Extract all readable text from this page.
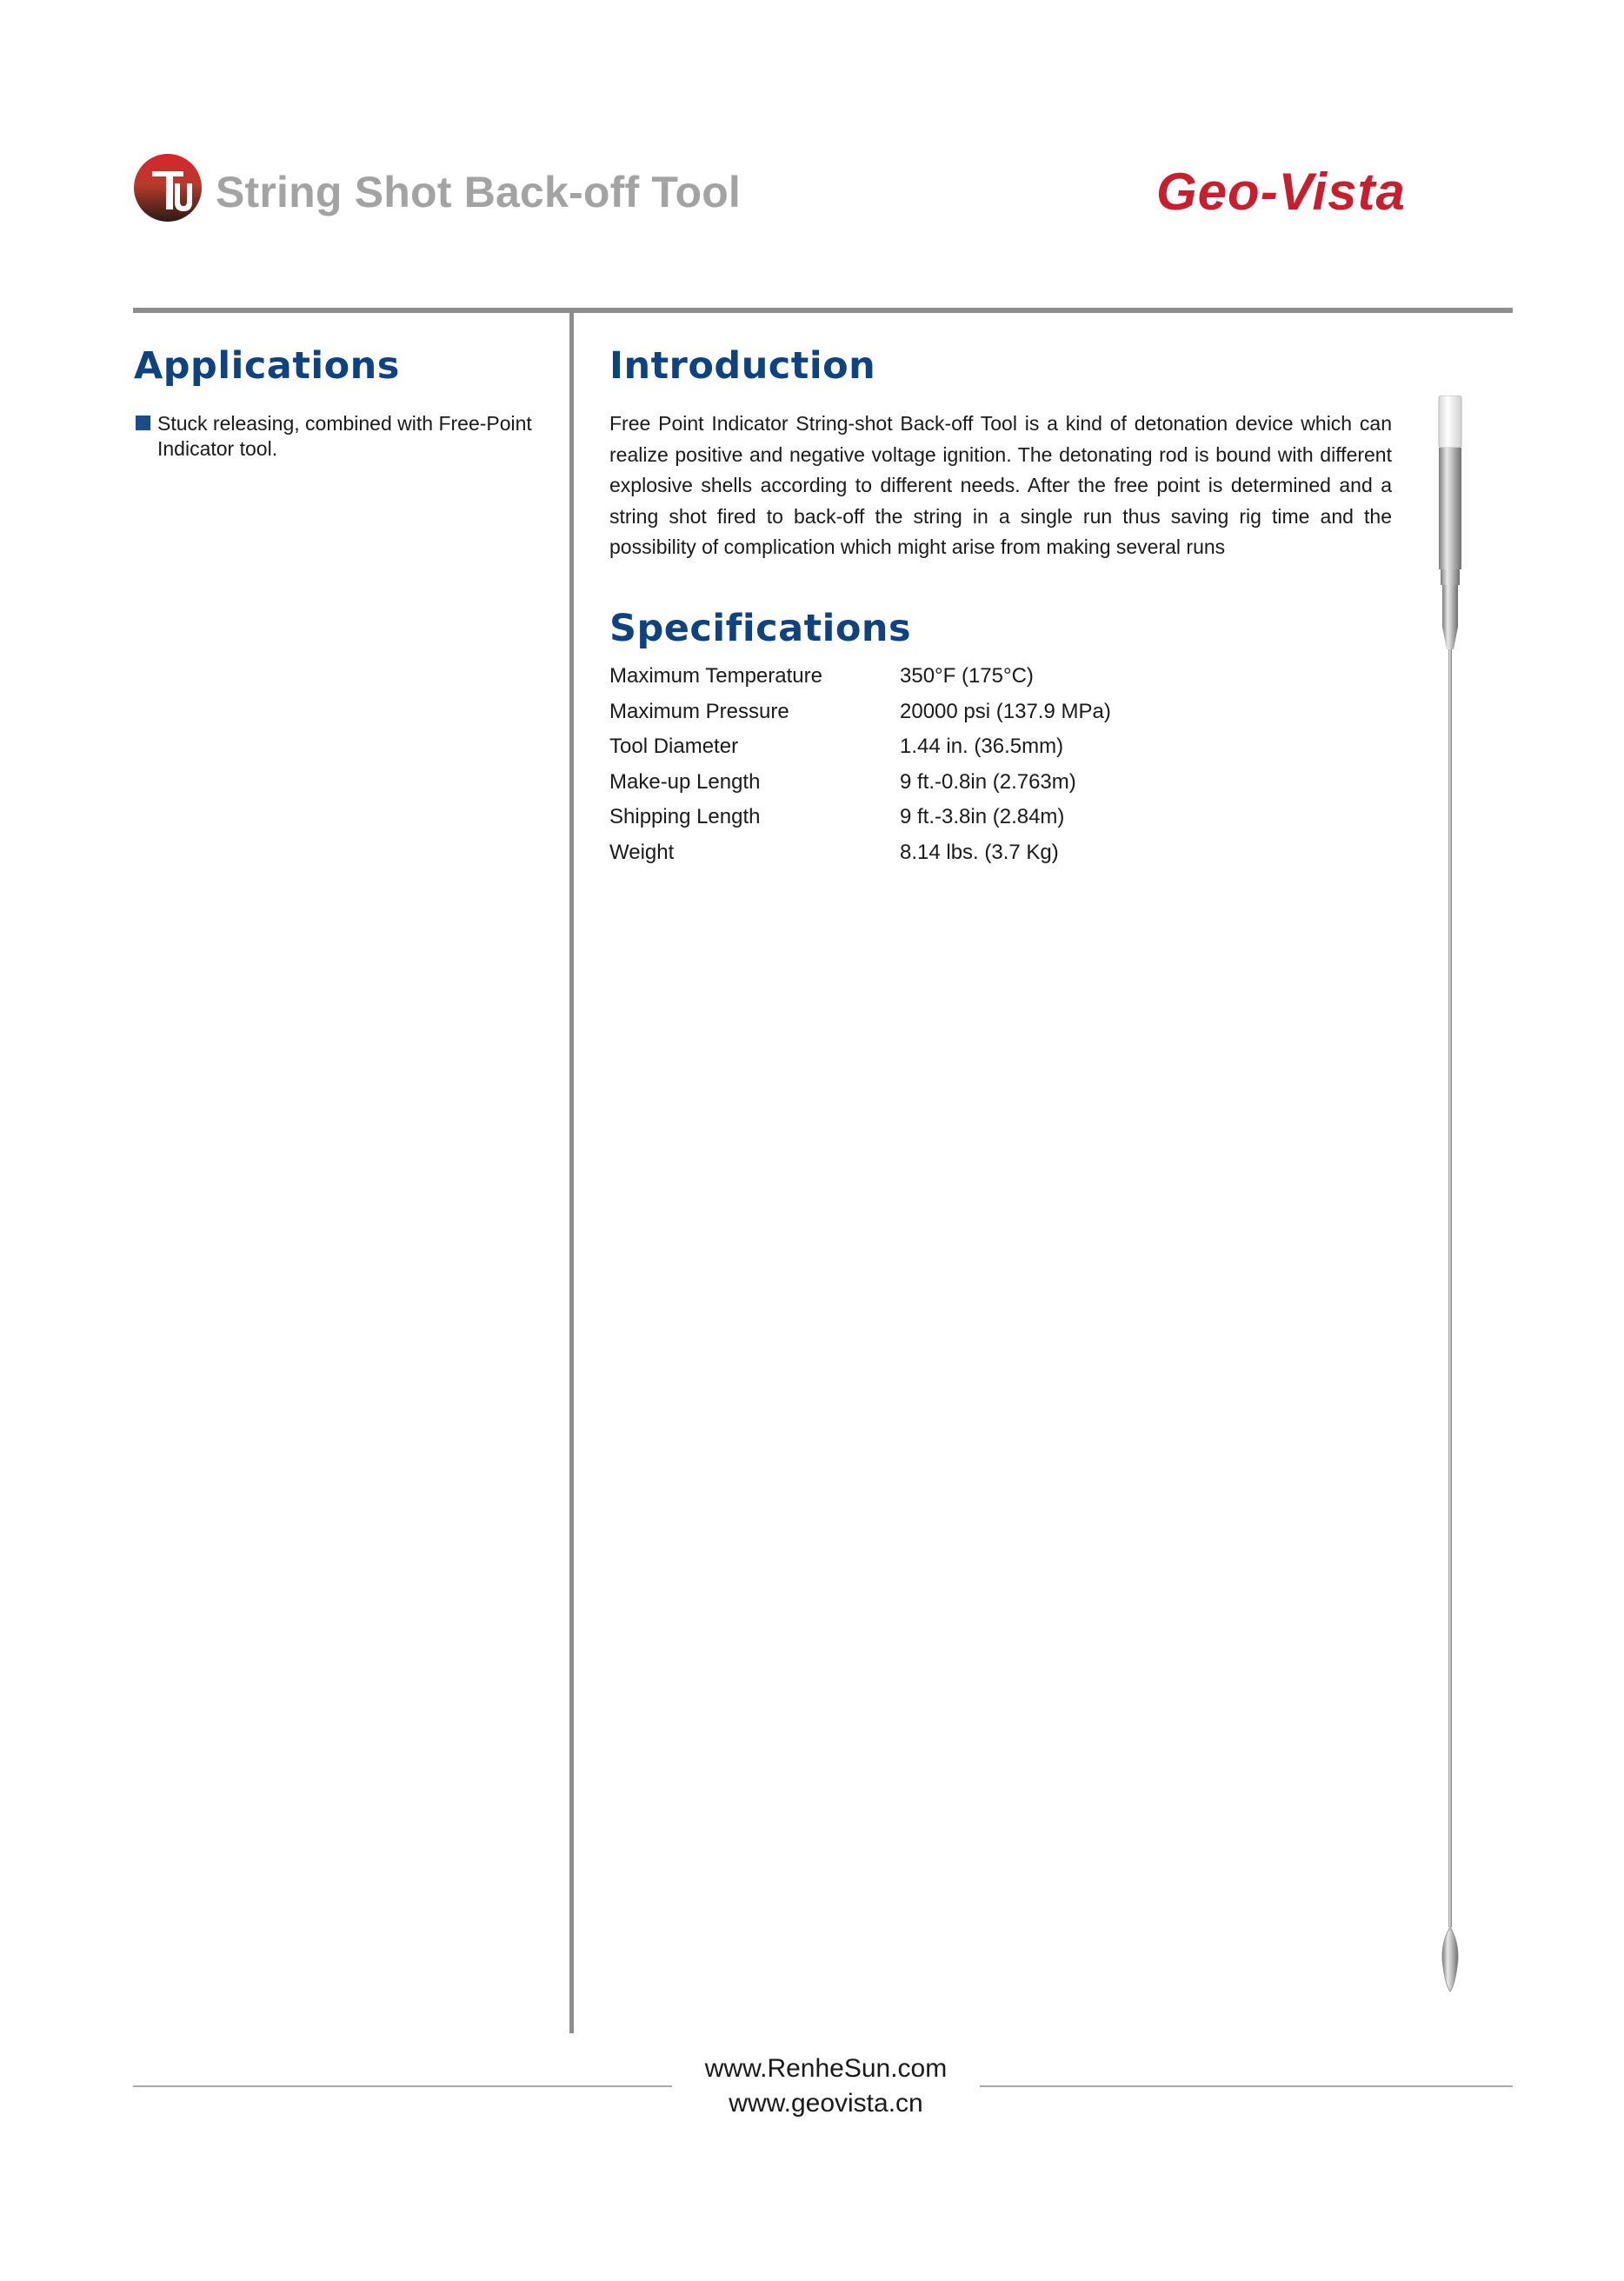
String Shot Back-off Tool	Geo-Vista
Applications
Stuck releasing, combined with Free-Point Indicator tool.
Introduction

Free Point Indicator String-shot Back-off Tool is a kind of detonation device which can realize positive and negative voltage ignition. The detonating rod is bound with different explosive shells according to different needs. After the free point is determined and a string shot fired to back-off the string in a single run thus saving rig time and the possibility of complication which might arise from making several runs

Specifications
Maximum Temperature	350°F (175°C)
Maximum Pressure	20000 psi (137.9 MPa)
Tool Diameter	1.44 in. (36.5mm)
Make-up Length	9 ft.-0.8in (2.763m)
Shipping Length	9 ft.-3.8in (2.84m)
Weight	8.14 lbs. (3.7 Kg)
www.RenheSun.com
www.geovista.cn
